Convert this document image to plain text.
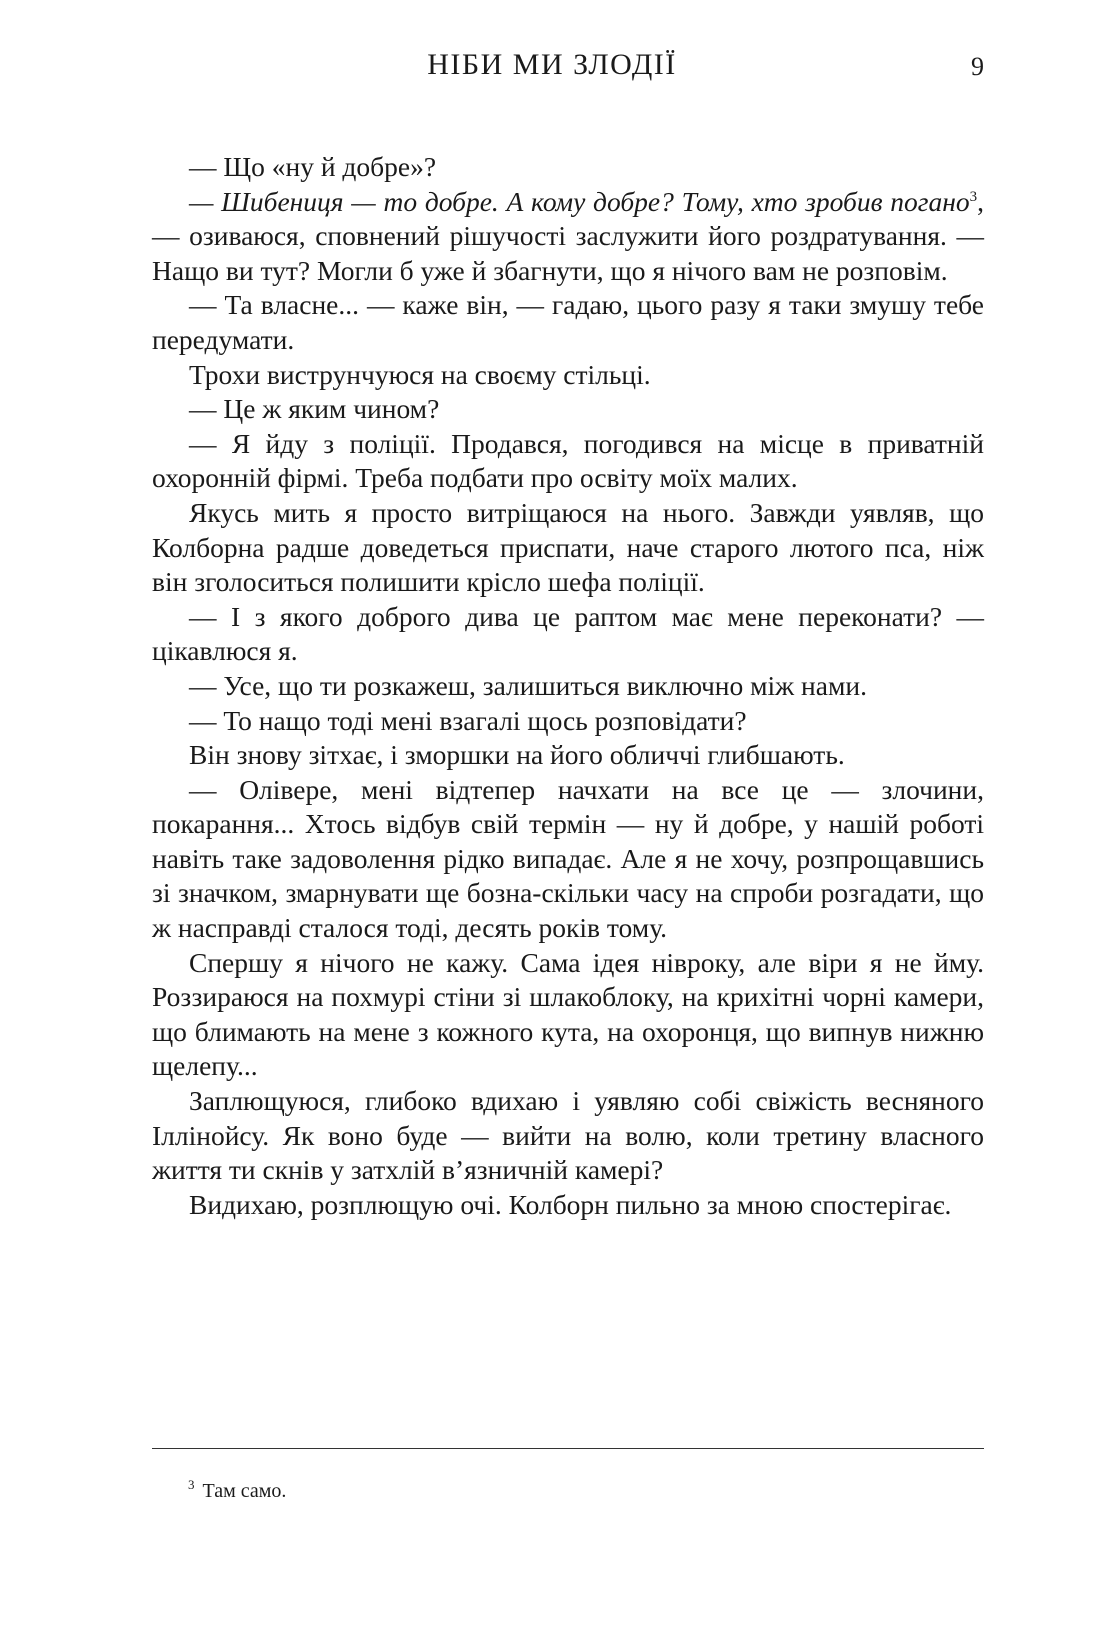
НІБИ МИ ЗЛОДІЇ	9

— Що «ну й добре»?

— Шибениця — то добре. А кому добре? Тому, хто зробив погано$^3$, — озиваюся, сповнений рішучості заслужити його роздратування. — Нащо ви тут? Могли б уже й збагнути, що я нічого вам не розповім.

— Та власне... — каже він, — гадаю, цього разу я таки змушу тебе передумати.

Трохи виструнчуюся на своєму стільці.

— Це ж яким чином?

— Я йду з поліції. Продався, погодився на місце в приватній охоронній фірмі. Треба подбати про освіту моїх малих.

Якусь мить я просто витріщаюся на нього. Завжди уявляв, що Колборна радше доведеться приспати, наче старого лютого пса, ніж він зголоситься полишити крісло шефа поліції.

— І з якого доброго дива це раптом має мене переконати? — цікавлюся я.

— Усе, що ти розкажеш, залишиться виключно між нами.

— То нащо тоді мені взагалі щось розповідати?

Він знову зітхає, і зморшки на його обличчі глибшають.

— Олівере, мені відтепер начхати на все це — злочини, покарання... Хтось відбув свій термін — ну й добре, у нашій роботі навіть таке задоволення рідко випадає. Але я не хочу, розпрощавшись зі значком, змарнувати ще бозна-скільки часу на спроби розгадати, що ж насправді сталося тоді, десять років тому.

Спершу я нічого не кажу. Сама ідея нівроку, але віри я не йму. Роззираюся на похмурі стіни зі шлакоблоку, на крихітні чорні камери, що блимають на мене з кожного кута, на охоронця, що випнув нижню щелепу...

Заплющуюся, глибоко вдихаю і уявляю собі свіжість весняного Іллінойсу. Як воно буде — вийти на волю, коли третину власного життя ти скнів у затхлій в’язничній камері?

Видихаю, розплющую очі. Колборн пильно за мною спостерігає.

$^3$ Там само.
